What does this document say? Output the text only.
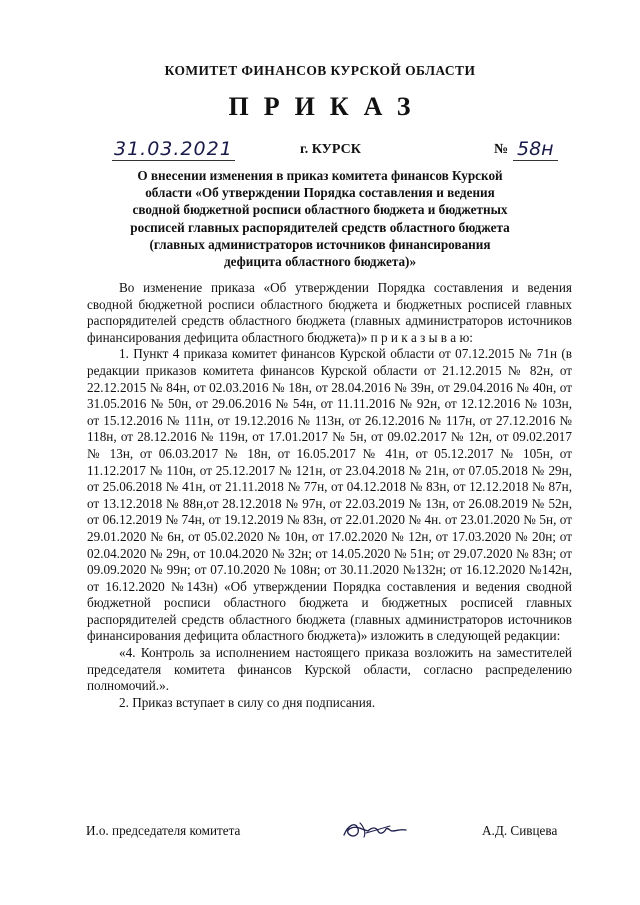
КОМИТЕТ ФИНАНСОВ КУРСКОЙ ОБЛАСТИ
ПРИКАЗ
31.03.2021	г. КУРСК	№ 58н
О внесении изменения в приказ комитета финансов Курской области «Об утверждении Порядка составления и ведения сводной бюджетной росписи областного бюджета и бюджетных росписей главных распорядителей средств областного бюджета (главных администраторов источников финансирования дефицита областного бюджета)»

Во изменение приказа «Об утверждении Порядка составления и ведения сводной бюджетной росписи областного бюджета и бюджетных росписей главных распорядителей средств областного бюджета (главных администраторов источников финансирования дефицита областного бюджета)» п р и к а з ы в а ю:

1. Пункт 4 приказа комитет финансов Курской области от 07.12.2015 № 71н (в редакции приказов комитета финансов Курской области от 21.12.2015 № 82н, от 22.12.2015 № 84н, от 02.03.2016 № 18н, от 28.04.2016 № 39н, от 29.04.2016 № 40н, от 31.05.2016 № 50н, от 29.06.2016 № 54н, от 11.11.2016 № 92н, от 12.12.2016 № 103н, от 15.12.2016 № 111н, от 19.12.2016 № 113н, от 26.12.2016 № 117н, от 27.12.2016 № 118н, от 28.12.2016 № 119н, от 17.01.2017 № 5н, от 09.02.2017 № 12н, от 09.02.2017 № 13н, от 06.03.2017 № 18н, от 16.05.2017 № 41н, от 05.12.2017 № 105н, от 11.12.2017 № 110н, от 25.12.2017 № 121н, от 23.04.2018 № 21н, от 07.05.2018 № 29н, от 25.06.2018 № 41н, от 21.11.2018 № 77н, от 04.12.2018 № 83н, от 12.12.2018 № 87н, от 13.12.2018 № 88н,от 28.12.2018 № 97н, от 22.03.2019 № 13н, от 26.08.2019 № 52н, от 06.12.2019 № 74н, от 19.12.2019 № 83н, от 22.01.2020 № 4н. от 23.01.2020 № 5н, от 29.01.2020 № 6н, от 05.02.2020 № 10н, от 17.02.2020 № 12н, от 17.03.2020 № 20н; от 02.04.2020 № 29н, от 10.04.2020 № 32н; от 14.05.2020 № 51н; от 29.07.2020 № 83н; от 09.09.2020 № 99н; от 07.10.2020 № 108н; от 30.11.2020 №132н; от 16.12.2020 №142н, от 16.12.2020 №143н) «Об утверждении Порядка составления и ведения сводной бюджетной росписи областного бюджета и бюджетных росписей главных распорядителей средств областного бюджета (главных администраторов источников финансирования дефицита областного бюджета)» изложить в следующей редакции:

«4. Контроль за исполнением настоящего приказа возложить на заместителей председателя комитета финансов Курской области, согласно распределению полномочий.».

2. Приказ вступает в силу со дня подписания.

И.о. председателя комитета	А.Д. Сивцева
